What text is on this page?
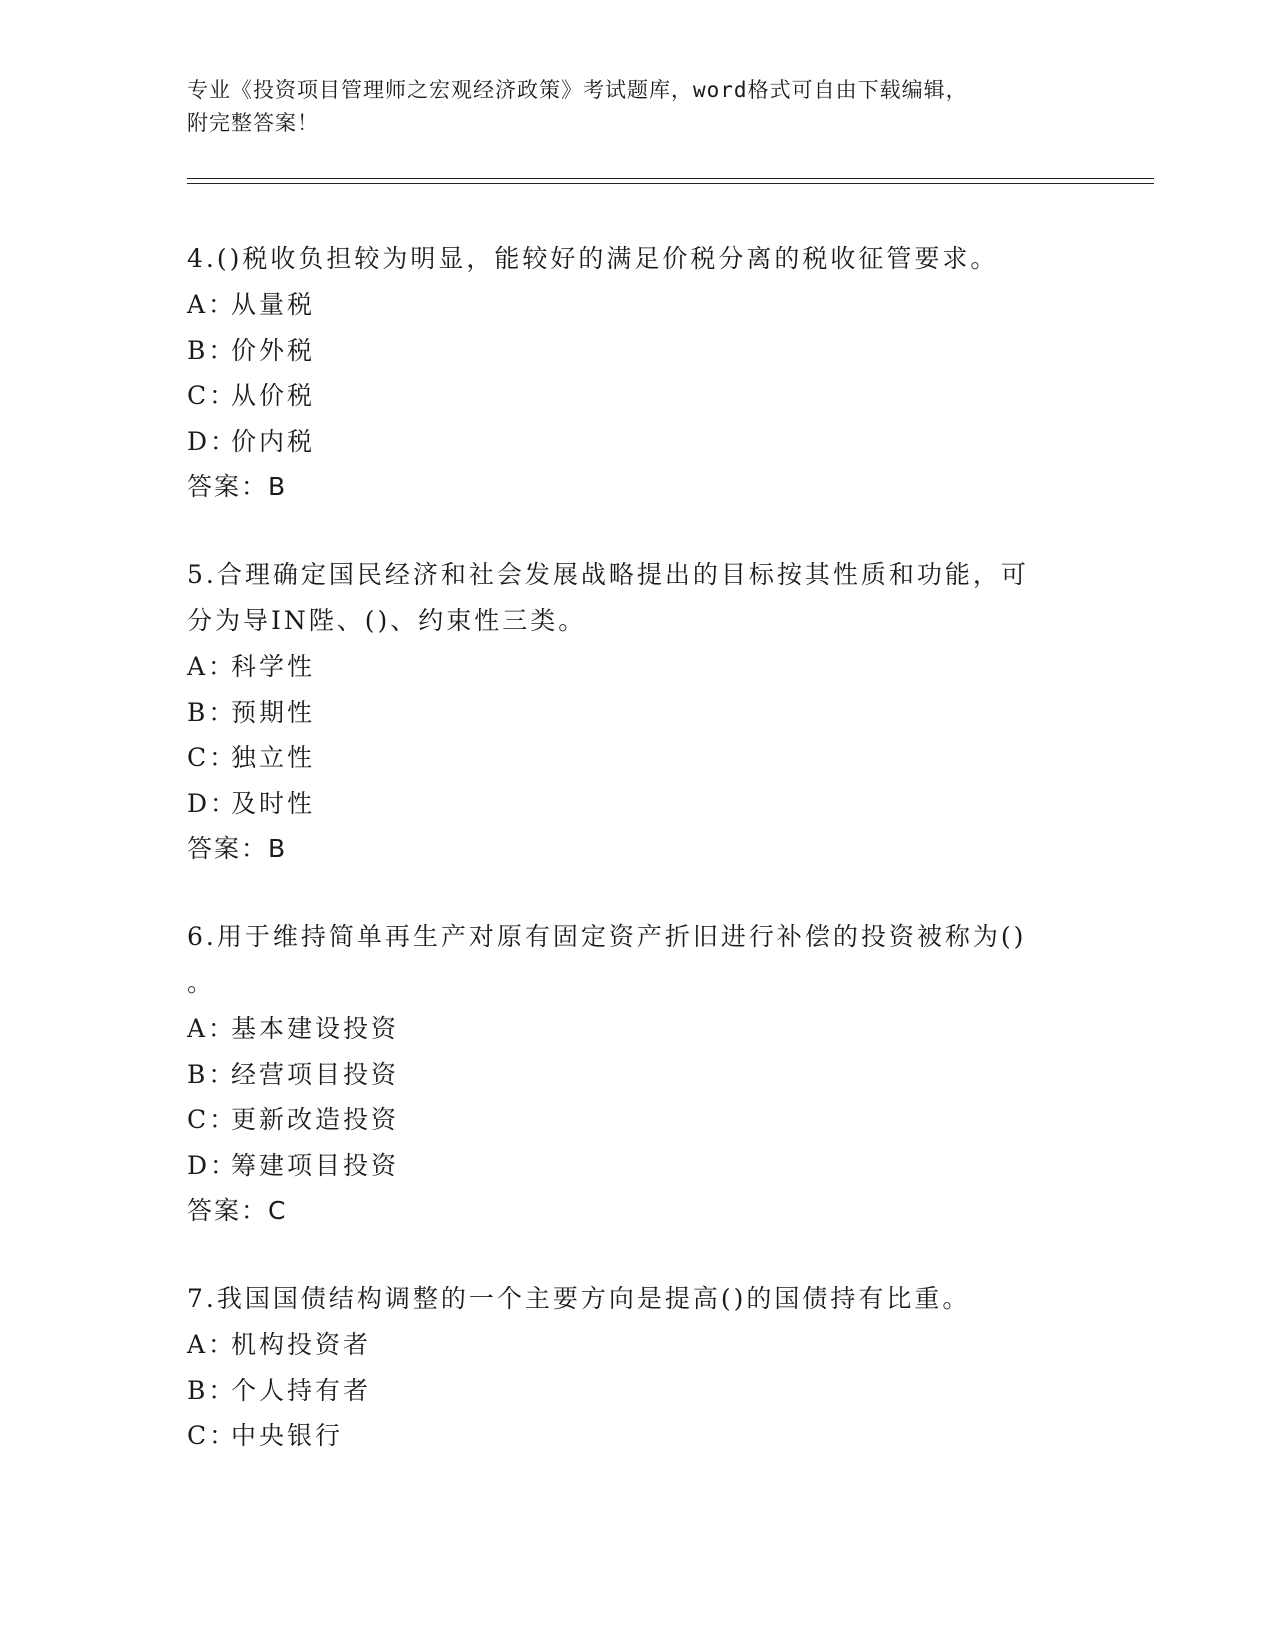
专业《投资项目管理师之宏观经济政策》考试题库，word格式可自由下载编辑，
附完整答案！
4.()税收负担较为明显，能较好的满足价税分离的税收征管要求。
A：
从量税
B：
价外税
C：
从价税
D：
价内税
答案：B
5.合理确定国民经济和社会发展战略提出的目标按其性质和功能，可
分为导IN陛、()、约束性三类。
A：
科学性
B：
预期性
C：
独立性
D：
及时性
答案：B
6.用于维持简单再生产对原有固定资产折旧进行补偿的投资被称为()
。
A：
基本建设投资
B：
经营项目投资
C：
更新改造投资
D：
筹建项目投资
答案：C
7.我国国债结构调整的一个主要方向是提高()的国债持有比重。
A：
机构投资者
B：
个人持有者
C：
中央银行
